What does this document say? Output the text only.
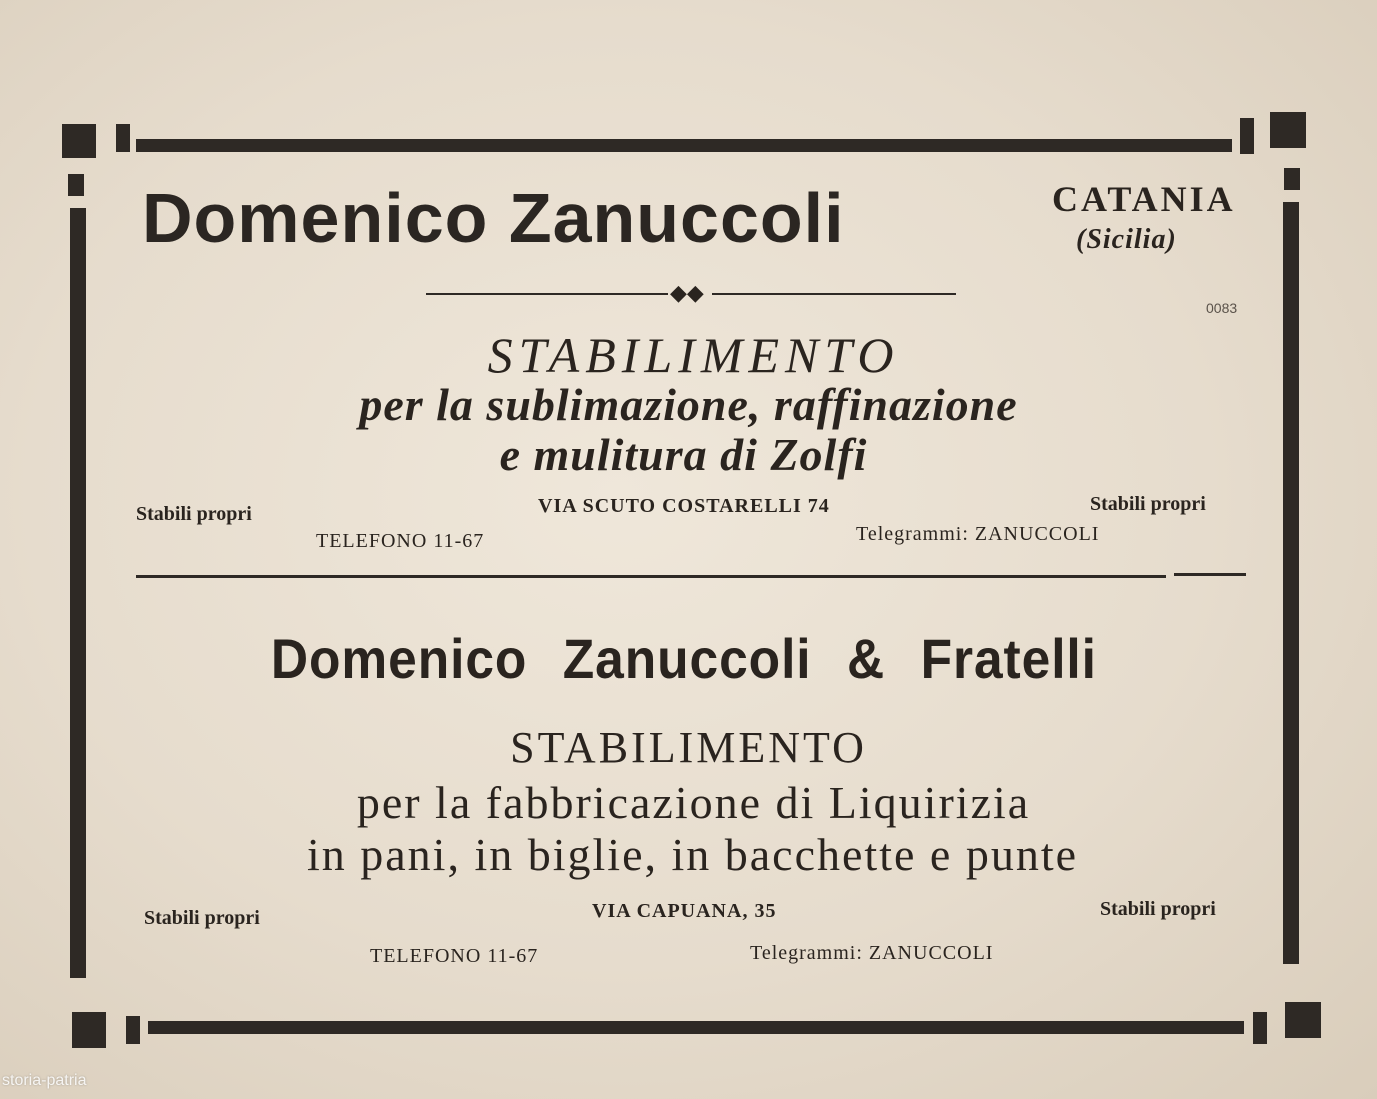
Domenico Zanuccoli	CATANIA
(Sicilia)
◆◆
0083
STABILIMENTO
per la sublimazione, raffinazione
e mulitura di Zolfi
Stabili propri	VIA SCUTO COSTARELLI 74	Stabili propri
TELEFONO 11-67	Telegrammi: ZANUCCOLI
Domenico Zanuccoli & Fratelli
STABILIMENTO
per la fabbricazione di Liquirizia
in pani, in biglie, in bacchette e punte
Stabili propri	VIA CAPUANA, 35	Stabili propri
TELEFONO 11-67	Telegrammi: ZANUCCOLI
storia-patria
